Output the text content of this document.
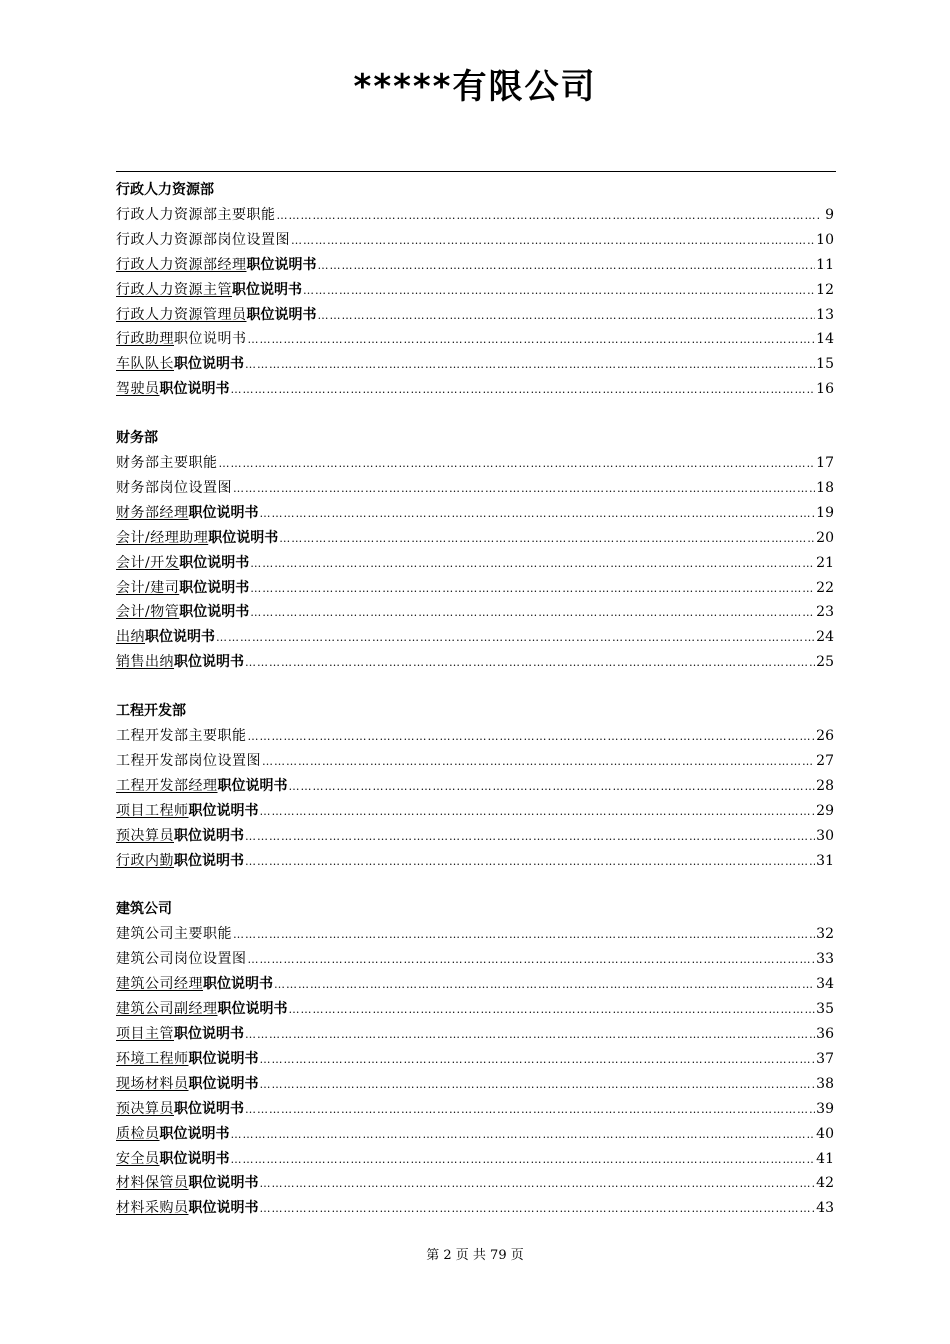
*****有限公司
行政人力资源部
行政人力资源部主要职能 …………………………………………………………………………………………………………………………………………………………………………………………………………………………	9
行政人力资源部岗位设置图 …………………………………………………………………………………………………………………………………………………………………………………………………………………………	10
行政人力资源部经理 职位说明书 …………………………………………………………………………………………………………………………………………………………………………………………………………………………	11
行政人力资源主管 职位说明书 …………………………………………………………………………………………………………………………………………………………………………………………………………………………	12
行政人力资源管理员 职位说明书 …………………………………………………………………………………………………………………………………………………………………………………………………………………………	13
行政助理 职位说明书 …………………………………………………………………………………………………………………………………………………………………………………………………………………………	14
车队队长 职位说明书 …………………………………………………………………………………………………………………………………………………………………………………………………………………………	15
驾驶员 职位说明书 …………………………………………………………………………………………………………………………………………………………………………………………………………………………	16
财务部
财务部主要职能 …………………………………………………………………………………………………………………………………………………………………………………………………………………………	17
财务部岗位设置图 …………………………………………………………………………………………………………………………………………………………………………………………………………………………	18
财务部经理 职位说明书 …………………………………………………………………………………………………………………………………………………………………………………………………………………………	19
会计/经理助理 职位说明书 …………………………………………………………………………………………………………………………………………………………………………………………………………………………	20
会计/开发 职位说明书 …………………………………………………………………………………………………………………………………………………………………………………………………………………………	21
会计/建司 职位说明书 …………………………………………………………………………………………………………………………………………………………………………………………………………………………	22
会计/物管 职位说明书 …………………………………………………………………………………………………………………………………………………………………………………………………………………………	23
出纳 职位说明书 …………………………………………………………………………………………………………………………………………………………………………………………………………………………	24
销售出纳 职位说明书 …………………………………………………………………………………………………………………………………………………………………………………………………………………………	25
工程开发部
工程开发部主要职能 …………………………………………………………………………………………………………………………………………………………………………………………………………………………	26
工程开发部岗位设置图 …………………………………………………………………………………………………………………………………………………………………………………………………………………………	27
工程开发部经理 职位说明书 …………………………………………………………………………………………………………………………………………………………………………………………………………………………	28
项目工程师 职位说明书 …………………………………………………………………………………………………………………………………………………………………………………………………………………………	29
预决算员 职位说明书 …………………………………………………………………………………………………………………………………………………………………………………………………………………………	30
行政内勤 职位说明书 …………………………………………………………………………………………………………………………………………………………………………………………………………………………	31
建筑公司
建筑公司主要职能 …………………………………………………………………………………………………………………………………………………………………………………………………………………………	32
建筑公司岗位设置图 …………………………………………………………………………………………………………………………………………………………………………………………………………………………	33
建筑公司经理 职位说明书 …………………………………………………………………………………………………………………………………………………………………………………………………………………………	34
建筑公司副经理 职位说明书 …………………………………………………………………………………………………………………………………………………………………………………………………………………………	35
项目主管 职位说明书 …………………………………………………………………………………………………………………………………………………………………………………………………………………………	36
环境工程师 职位说明书 …………………………………………………………………………………………………………………………………………………………………………………………………………………………	37
现场材料员 职位说明书 …………………………………………………………………………………………………………………………………………………………………………………………………………………………	38
预决算员 职位说明书 …………………………………………………………………………………………………………………………………………………………………………………………………………………………	39
质检员 职位说明书 …………………………………………………………………………………………………………………………………………………………………………………………………………………………	40
安全员 职位说明书 …………………………………………………………………………………………………………………………………………………………………………………………………………………………	41
材料保管员 职位说明书 …………………………………………………………………………………………………………………………………………………………………………………………………………………………	42
材料采购员 职位说明书 …………………………………………………………………………………………………………………………………………………………………………………………………………………………	43
第 2 页 共 79 页
